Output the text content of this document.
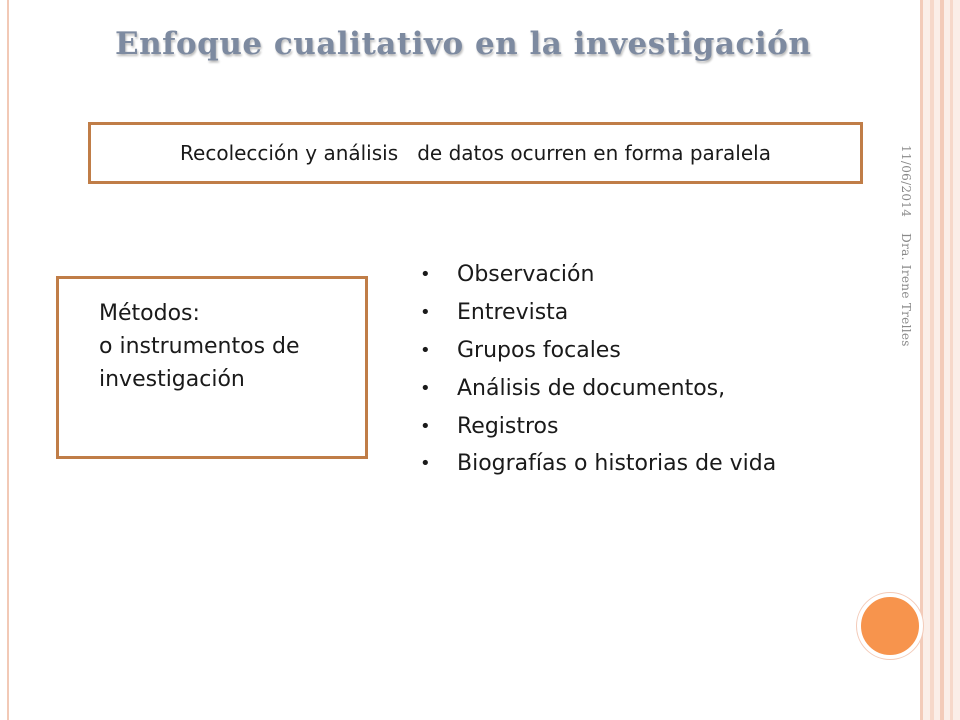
Enfoque cualitativo en la investigación
Recolección y análisis   de datos ocurren en forma paralela
Métodos:
o instrumentos de
investigación
• Observación
• Entrevista
• Grupos focales
• Análisis de documentos,
• Registros
• Biografías o historias de vida
11/06/2014Dra. Irene Trelles
